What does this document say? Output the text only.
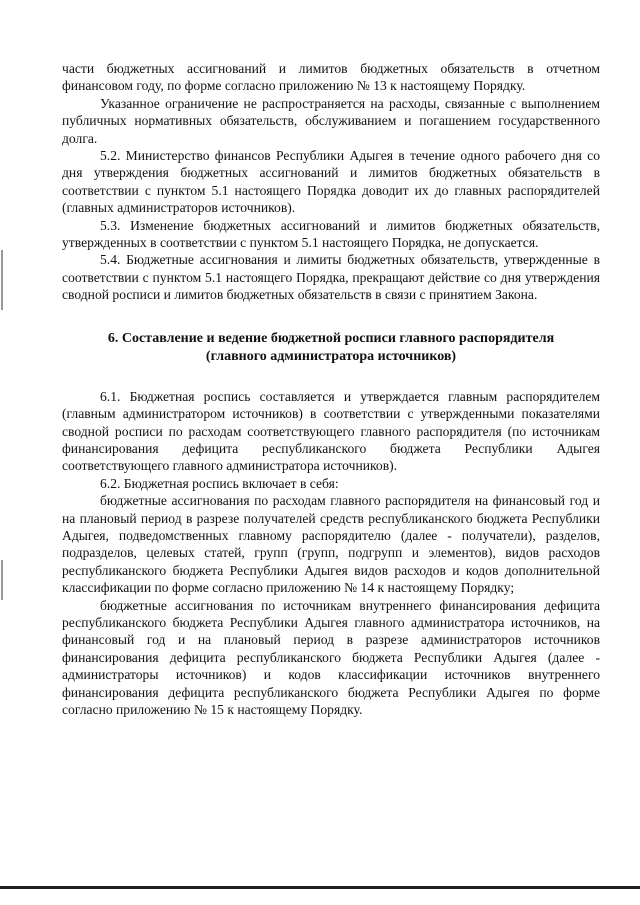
части бюджетных ассигнований и лимитов бюджетных обязательств в отчетном финансовом году, по форме согласно приложению № 13 к настоящему Порядку.

Указанное ограничение не распространяется на расходы, связанные с выполнением публичных нормативных обязательств, обслуживанием и погашением государственного долга.

5.2. Министерство финансов Республики Адыгея в течение одного рабочего дня со дня утверждения бюджетных ассигнований и лимитов бюджетных обязательств в соответствии с пунктом 5.1 настоящего Порядка доводит их до главных распорядителей (главных администраторов источников).

5.3. Изменение бюджетных ассигнований и лимитов бюджетных обязательств, утвержденных в соответствии с пунктом 5.1 настоящего Порядка, не допускается.

5.4. Бюджетные ассигнования и лимиты бюджетных обязательств, утвержденные в соответствии с пунктом 5.1 настоящего Порядка, прекращают действие со дня утверждения сводной росписи и лимитов бюджетных обязательств в связи с принятием Закона.

6. Составление и ведение бюджетной росписи главного распорядителя (главного администратора источников)

6.1. Бюджетная роспись составляется и утверждается главным распорядителем (главным администратором источников) в соответствии с утвержденными показателями сводной росписи по расходам соответствующего главного распорядителя (по источникам финансирования дефицита республиканского бюджета Республики Адыгея соответствующего главного администратора источников).

6.2. Бюджетная роспись включает в себя:

бюджетные ассигнования по расходам главного распорядителя на финансовый год и на плановый период в разрезе получателей средств республиканского бюджета Республики Адыгея, подведомственных главному распорядителю (далее - получатели), разделов, подразделов, целевых статей, групп (групп, подгрупп и элементов), видов расходов республиканского бюджета Республики Адыгея видов расходов и кодов дополнительной классификации по форме согласно приложению № 14 к настоящему Порядку;

бюджетные ассигнования по источникам внутреннего финансирования дефицита республиканского бюджета Республики Адыгея главного администратора источников, на финансовый год и на плановый период в разрезе администраторов источников финансирования дефицита республиканского бюджета Республики Адыгея (далее - администраторы источников) и кодов классификации источников внутреннего финансирования дефицита республиканского бюджета Республики Адыгея по форме согласно приложению № 15 к настоящему Порядку.
